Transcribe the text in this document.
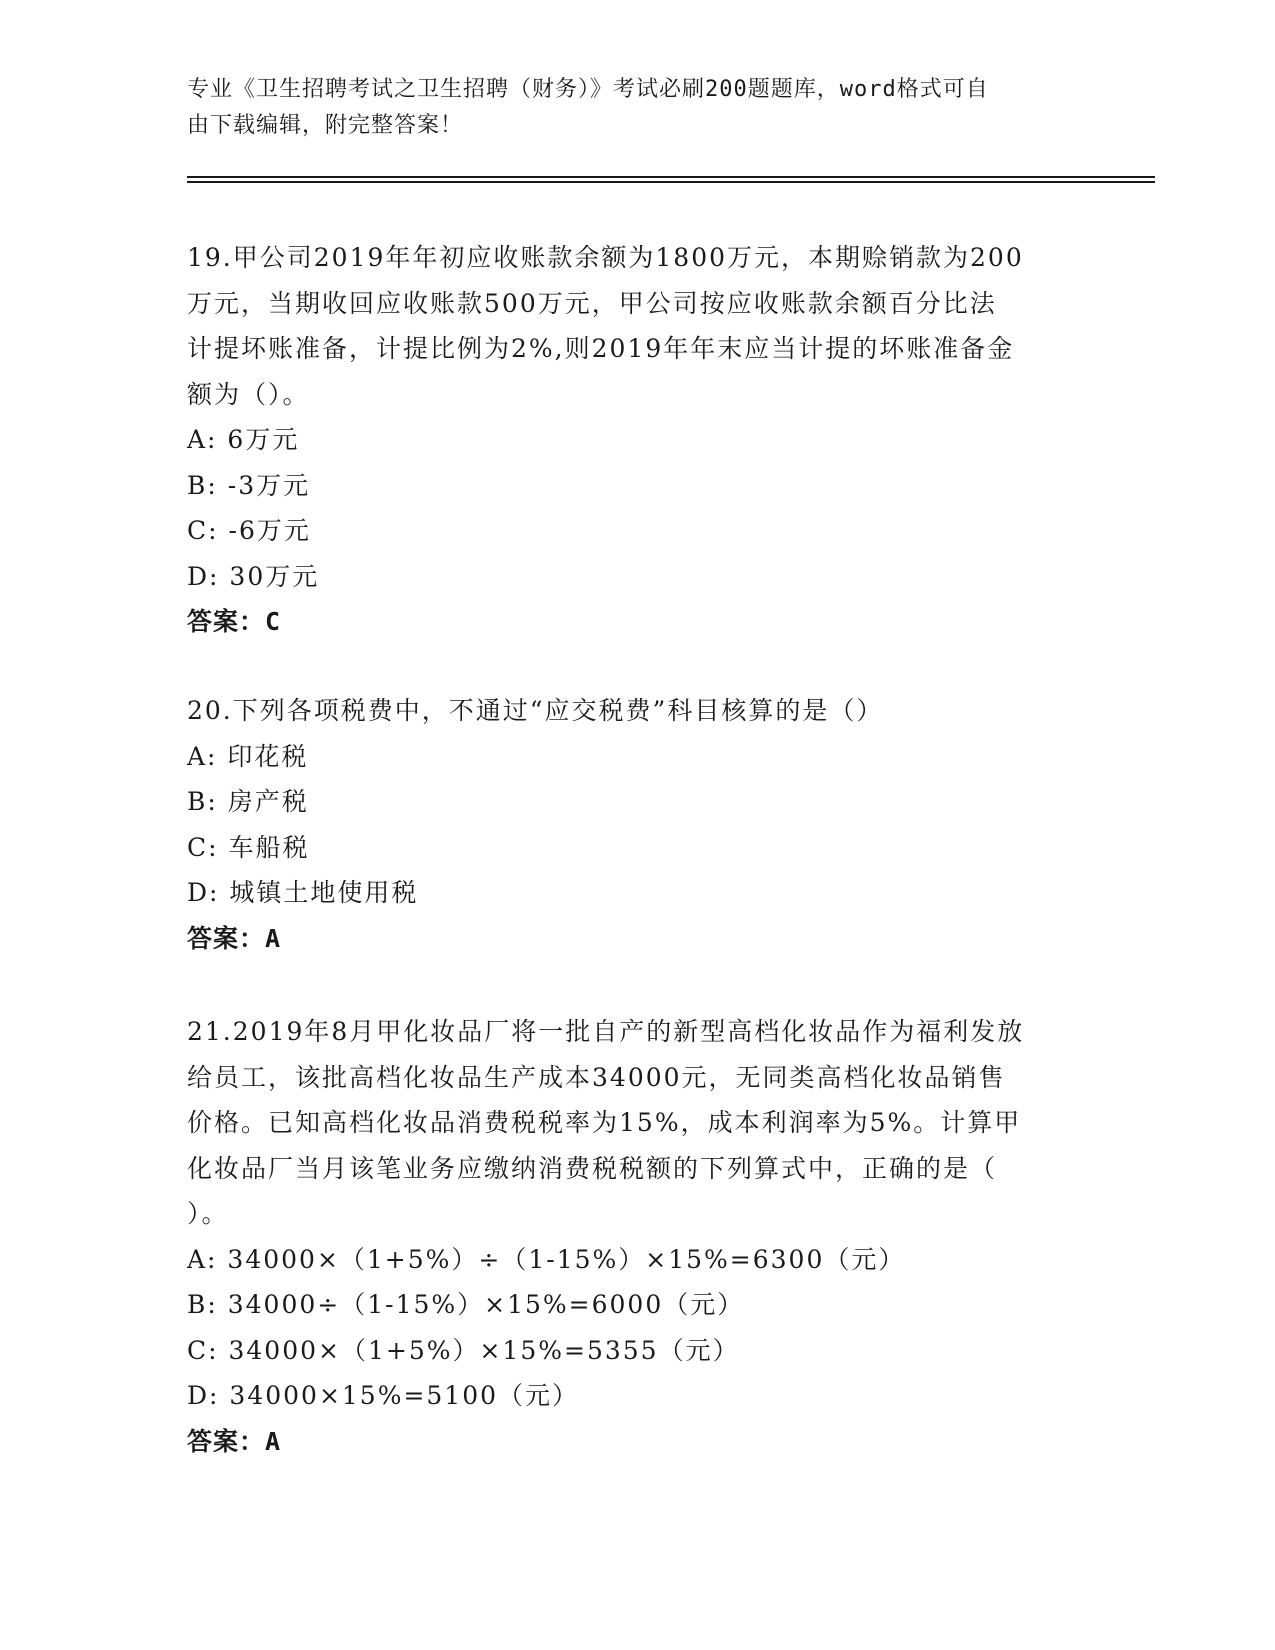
专业《卫生招聘考试之卫生招聘（财务）》考试必刷200题题库，word格式可自
由下载编辑，附完整答案！

19.甲公司2019年年初应收账款余额为1800万元，本期赊销款为200

万元，当期收回应收账款500万元，甲公司按应收账款余额百分比法

计提坏账准备，计提比例为2%,则2019年年末应当计提的坏账准备金

额为（）。

A: 6万元

B: -3万元

C: -6万元

D: 30万元

答案：C

20.下列各项税费中，不通过“应交税费”科目核算的是（）

A: 印花税

B: 房产税

C: 车船税

D: 城镇土地使用税

答案：A

21.2019年8月甲化妆品厂将一批自产的新型高档化妆品作为福利发放

给员工，该批高档化妆品生产成本34000元，无同类高档化妆品销售

价格。已知高档化妆品消费税税率为15%，成本利润率为5%。计算甲

化妆品厂当月该笔业务应缴纳消费税税额的下列算式中，正确的是（

）。

A: 34000×（1+5%）÷（1-15%）×15%=6300（元）

B: 34000÷（1-15%）×15%=6000（元）

C: 34000×（1+5%）×15%=5355（元）

D: 34000×15%=5100（元）

答案：A
